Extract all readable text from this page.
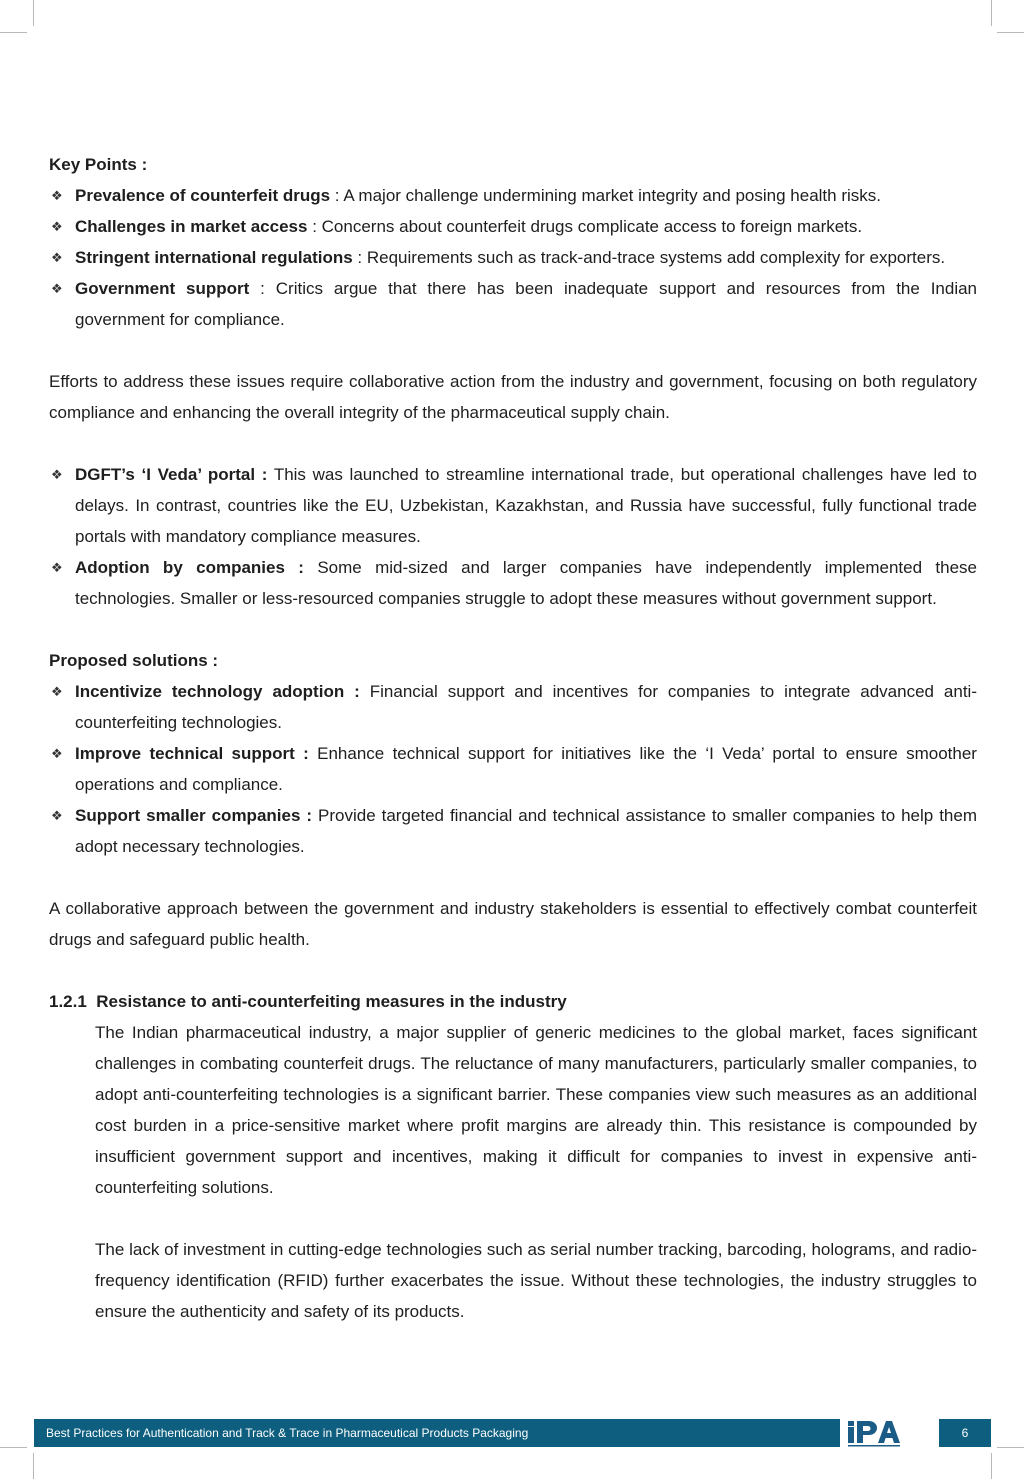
Key Points :

❖ Prevalence of counterfeit drugs : A major challenge undermining market integrity and posing health risks.
❖ Challenges in market access : Concerns about counterfeit drugs complicate access to foreign markets.
❖ Stringent international regulations : Requirements such as track-and-trace systems add complexity for exporters.
❖ Government support : Critics argue that there has been inadequate support and resources from the Indian government for compliance.

Efforts to address these issues require collaborative action from the industry and government, focusing on both regulatory compliance and enhancing the overall integrity of the pharmaceutical supply chain.

❖ DGFT’s ‘I Veda’ portal : This was launched to streamline international trade, but operational challenges have led to delays. In contrast, countries like the EU, Uzbekistan, Kazakhstan, and Russia have successful, fully functional trade portals with mandatory compliance measures.
❖ Adoption by companies : Some mid-sized and larger companies have independently implemented these technologies. Smaller or less-resourced companies struggle to adopt these measures without government support.

Proposed solutions :

❖ Incentivize technology adoption : Financial support and incentives for companies to integrate advanced anti-counterfeiting technologies.
❖ Improve technical support : Enhance technical support for initiatives like the ‘I Veda’ portal to ensure smoother operations and compliance.
❖ Support smaller companies : Provide targeted financial and technical assistance to smaller companies to help them adopt necessary technologies.

A collaborative approach between the government and industry stakeholders is essential to effectively combat counterfeit drugs and safeguard public health.

1.2.1 Resistance to anti-counterfeiting measures in the industry

The Indian pharmaceutical industry, a major supplier of generic medicines to the global market, faces significant challenges in combating counterfeit drugs. The reluctance of many manufacturers, particularly smaller companies, to adopt anti-counterfeiting technologies is a significant barrier. These companies view such measures as an additional cost burden in a price-sensitive market where profit margins are already thin. This resistance is compounded by insufficient government support and incentives, making it difficult for companies to invest in expensive anti-counterfeiting solutions.

The lack of investment in cutting-edge technologies such as serial number tracking, barcoding, holograms, and radio-frequency identification (RFID) further exacerbates the issue. Without these technologies, the industry struggles to ensure the authenticity and safety of its products.

Best Practices for Authentication and Track & Trace in Pharmaceutical Products Packaging	IPA	6
